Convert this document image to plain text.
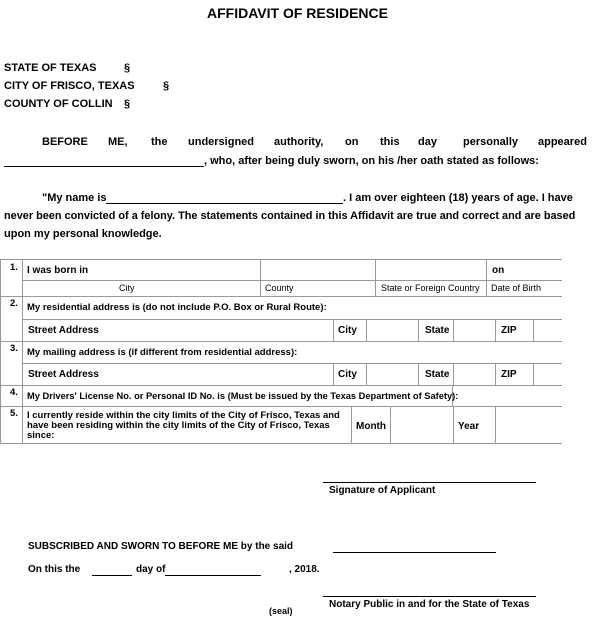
AFFIDAVIT OF RESIDENCE
STATE OF TEXAS	§
CITY OF FRISCO, TEXAS	§
COUNTY OF COLLIN §
BEFORE ME, the undersigned authority, on this day personally appeared
, who, after being duly sworn, on his /her oath stated as follows:
"My name is	. I am over eighteen (18) years of age. I have
never been convicted of a felony. The statements contained in this Affidavit are true and correct and are based
upon my personal knowledge.
1. I was born in	on
City	County	State or Foreign Country Date of Birth
2. My residential address is (do not include P.O. Box or Rural Route):
Street Address	City	State	ZIP
3. My mailing address is (if different from residential address):
Street Address	City	State	ZIP
4. My Drivers' License No. or Personal ID No. is (Must be issued by the Texas Department of Safety):
5. I currently reside within the city limits of the City of Frisco, Texas and
have been residing within the city limits of the City of Frisco, Texas
since:
Month	Year
Signature of Applicant
SUBSCRIBED AND SWORN TO BEFORE ME by the said
On this the	day of	, 2018.
Notary Public in and for the State of Texas
(seal)
